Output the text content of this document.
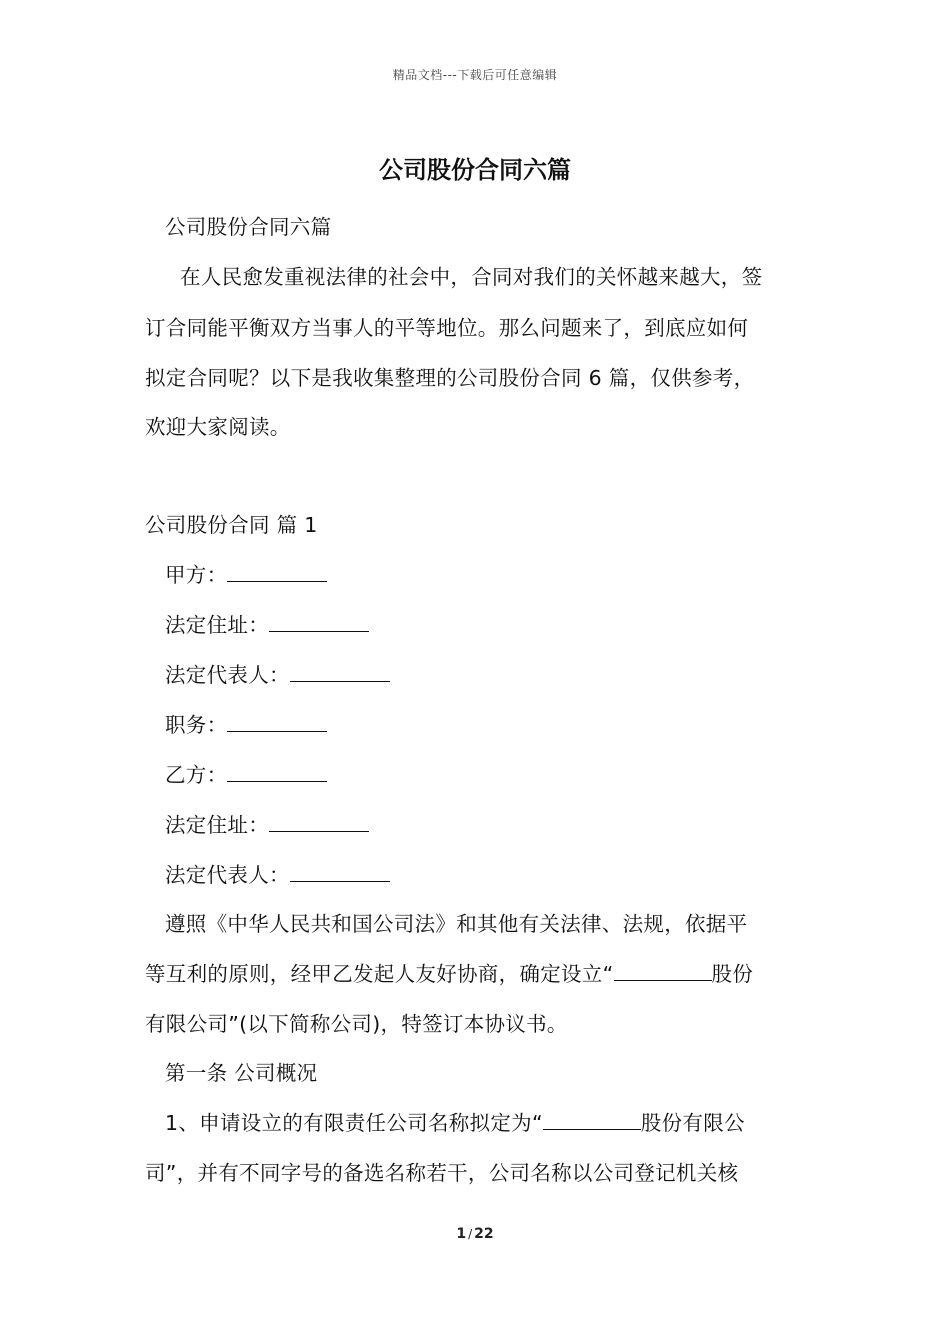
精品文档---下载后可任意编辑
公司股份合同六篇
公司股份合同六篇
在人民愈发重视法律的社会中，合同对我们的关怀越来越大，签
订合同能平衡双方当事人的平等地位。那么问题来了，到底应如何
拟定合同呢？以下是我收集整理的公司股份合同 6 篇，仅供参考，
欢迎大家阅读。
公司股份合同 篇 1
甲方：
法定住址：
法定代表人：
职务：
乙方：
法定住址：
法定代表人：
遵照《中华人民共和国公司法》和其他有关法律、法规，依据平
等互利的原则，经甲乙发起人友好协商，确定设立“	股份
有限公司”(以下简称公司)，特签订本协议书。
第一条 公司概况
1、申请设立的有限责任公司名称拟定为“	股份有限公
司”，并有不同字号的备选名称若干，公司名称以公司登记机关核
1 / 22
